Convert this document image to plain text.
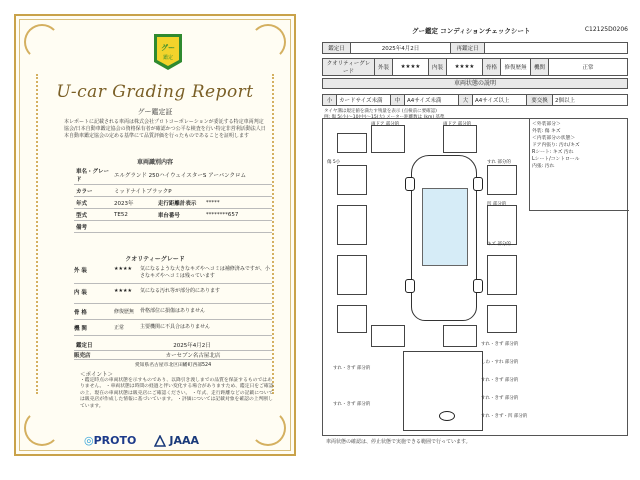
グー
鑑定
U-car Grading Report
グー鑑定証
本レポートに記載される車両は株式会社プロトコーポレーションが委託する特定車両判定協会/日本自動車鑑定協会の資格保有者が確認かつ公平な検査を行い特定非営利活動法人日本自動車鑑定協会の定める基準にて品質評価を行ったものであることを証明します
車両識別内容
車名・グレード	エルグランド 250ハイウェイスターS アーバンクロム		
カラー	ミッドナイトブラックP		
年式	2023年	走行距離計表示	*****
型式	TE52	車台番号	********657
備考			
クオリティーグレード
外 装	★★★★	気になるような大きなキズやヘコミは補修済みですが、小さなキズやヘコミは残っています
内 装	★★★★	気になる汚れ等が部分的にあります
骨 格	修復歴無	骨格部位に損傷はありません
機 関	正常	主要機関に不具合はありません
鑑定日	2025年4月2日
販売店	カーセブン名古屋北店
愛知県名古屋市北区田幡町西部524
＜ポイント＞
・鑑定時点の車両状態を示すものであり、以降引き渡しまでの品質を保証するものではありません。 ・車両状態は時間の経過と伴い変化する場合がありますため、鑑定日をご確認の上、現在の車両状態は販売店にご確認ください。 ・年式、走行距離などの記載については販売店が作成した情報に基づいています。 ・評価については記載対象を確認の上判断しています。
◎PROTO	JAAA
グー鑑定 コンディションチェックシート	C12125D0206
鑑定日	2025年4月2日	再鑑定日	
クオリティーグレード	外装	★★★★	内装	★★★★	骨格	修復歴無	機関	正常
車両状態の説明
小	カードサイズ未満	中	A4サイズ未満	大	A4サイズ以上	要交換	2個以上
タイヤ溝は規定値を満たす残量を表示 (点検前に要確認)
例: 傷 5(小)～10(中)～15(大) メーター距離数は (km) 基準
＜外装部分＞
外装: 傷 キズ
＜内装部分の状態＞
ドア内張り: 汚れ/キズ
Rシート: キズ 汚れ
Lシート/コントロール
内張: 汚れ
両ドア 部分的	両ドア 部分的
傷 5小	すれ 部分的
凹 部分的
キズ 部分的
すれ・きず 部分的
しわ・すれ 部分的
すれ・きず 部分的
すれ・きず 部分的
すれ・きず・凹 部分的
すれ・きず 部分的
すれ・きず 部分的
車両状態の確認は、停止状態で実施できる範囲で行っています。
